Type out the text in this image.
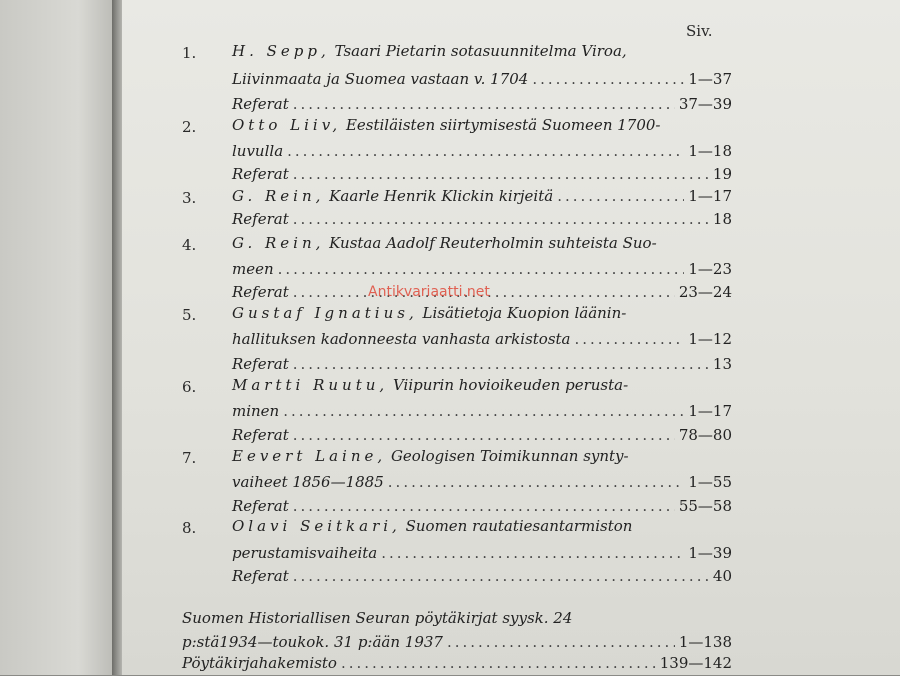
Siv.
1. H. Sepp, Tsaari Pietarin sotasuunnitelma Viroa,
Liivinmaata ja Suomea vastaan v. 1704 .....	1—37
Referat .....	37—39
2. Otto Liiv, Eestiläisten siirtymisestä Suomeen 1700-
luvulla .....	1—18
Referat .....	19
3. G. Rein, Kaarle Henrik Klickin kirjeitä .....	1—17
Referat .....	18
4. G. Rein, Kustaa Aadolf Reuterholmin suhteista Suo-
meen .....	1—23
Referat .....	23—24
5. Gustaf Ignatius, Lisätietoja Kuopion läänin-
hallituksen kadonneesta vanhasta arkistosta .....	1—12
Referat .....	13
6. Martti Ruutu, Viipurin hovioikeuden perusta-
minen .....	1—17
Referat .....	78—80
7. Eevert Laine, Geologisen Toimikunnan synty-
vaiheet 1856—1885 .....	1—55
Referat .....	55—58
8. Olavi Seitkari, Suomen rautatiesantarmiston
perustamisvaiheita .....	1—39
Referat .....	40
Suomen Historiallisen Seuran pöytäkirjat syysk. 24
p:stä1934—toukok. 31 p:ään 1937 .....	1—138
Pöytäkirjahakemisto .....	139—142
Antikvariaatti.net
